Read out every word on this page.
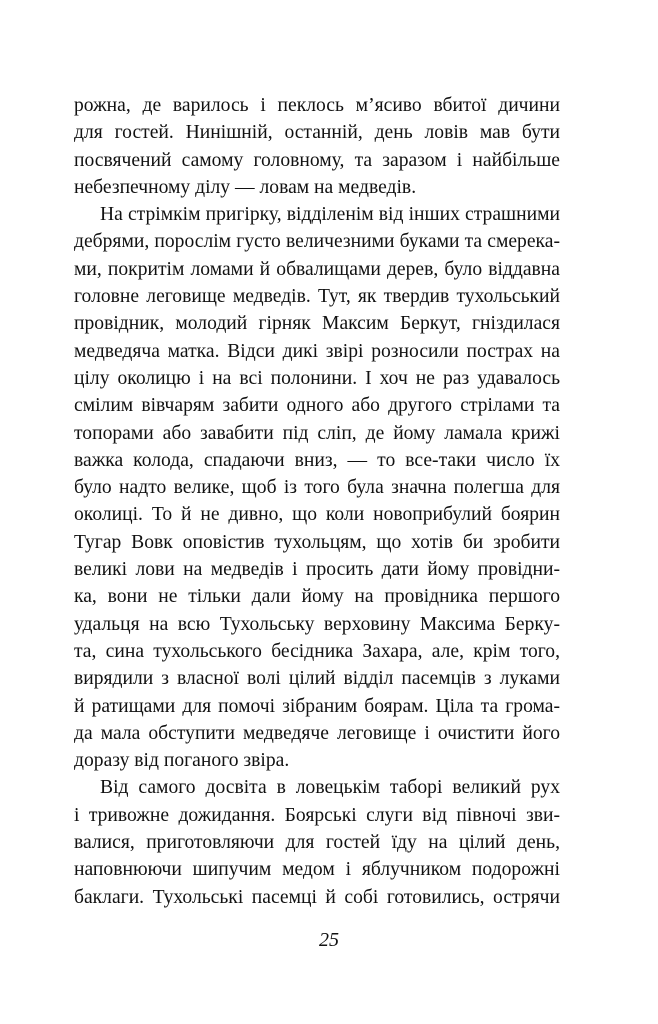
рожна, де варилось і пеклось м’ясиво вбитої дичини
для гостей. Нинішній, останній, день ловів мав бути
посвячений самому головному, та заразом і найбільше
небезпечному ділу — ловам на медведів.
На стрімкім пригірку, відділенім від інших страшними
дебрями, порослім густо величезними буками та смерека-
ми, покритім ломами й обвалищами дерев, було віддавна
головне леговище медведів. Тут, як твердив тухольський
провідник, молодий гірняк Максим Беркут, гніздилася
медведяча матка. Відси дикі звірі розносили пострах на
цілу околицю і на всі полонини. І хоч не раз удавалось
смілим вівчарям забити одного або другого стрілами та
топорами або завабити під сліп, де йому ламала крижі
важка колода, спадаючи вниз, — то все-таки число їх
було надто велике, щоб із того була значна полегша для
околиці. То й не дивно, що коли новоприбулий боярин
Тугар Вовк оповістив тухольцям, що хотів би зробити
великі лови на медведів і просить дати йому провідни-
ка, вони не тільки дали йому на провідника першого
удальця на всю Тухольську верховину Максима Берку-
та, сина тухольського бесідника Захара, але, крім того,
вирядили з власної волі цілий відділ пасемців з луками
й ратищами для помочі зібраним боярам. Ціла та грома-
да мала обступити медведяче леговище і очистити його
доразу від поганого звіра.
Від самого досвіта в ловецькім таборі великий рух
і тривожне дожидання. Боярські слуги від півночі зви-
валися, приготовляючи для гостей їду на цілий день,
наповнюючи шипучим медом і яблучником подорожні
баклаги. Тухольські пасемці й собі готовились, острячи
25
